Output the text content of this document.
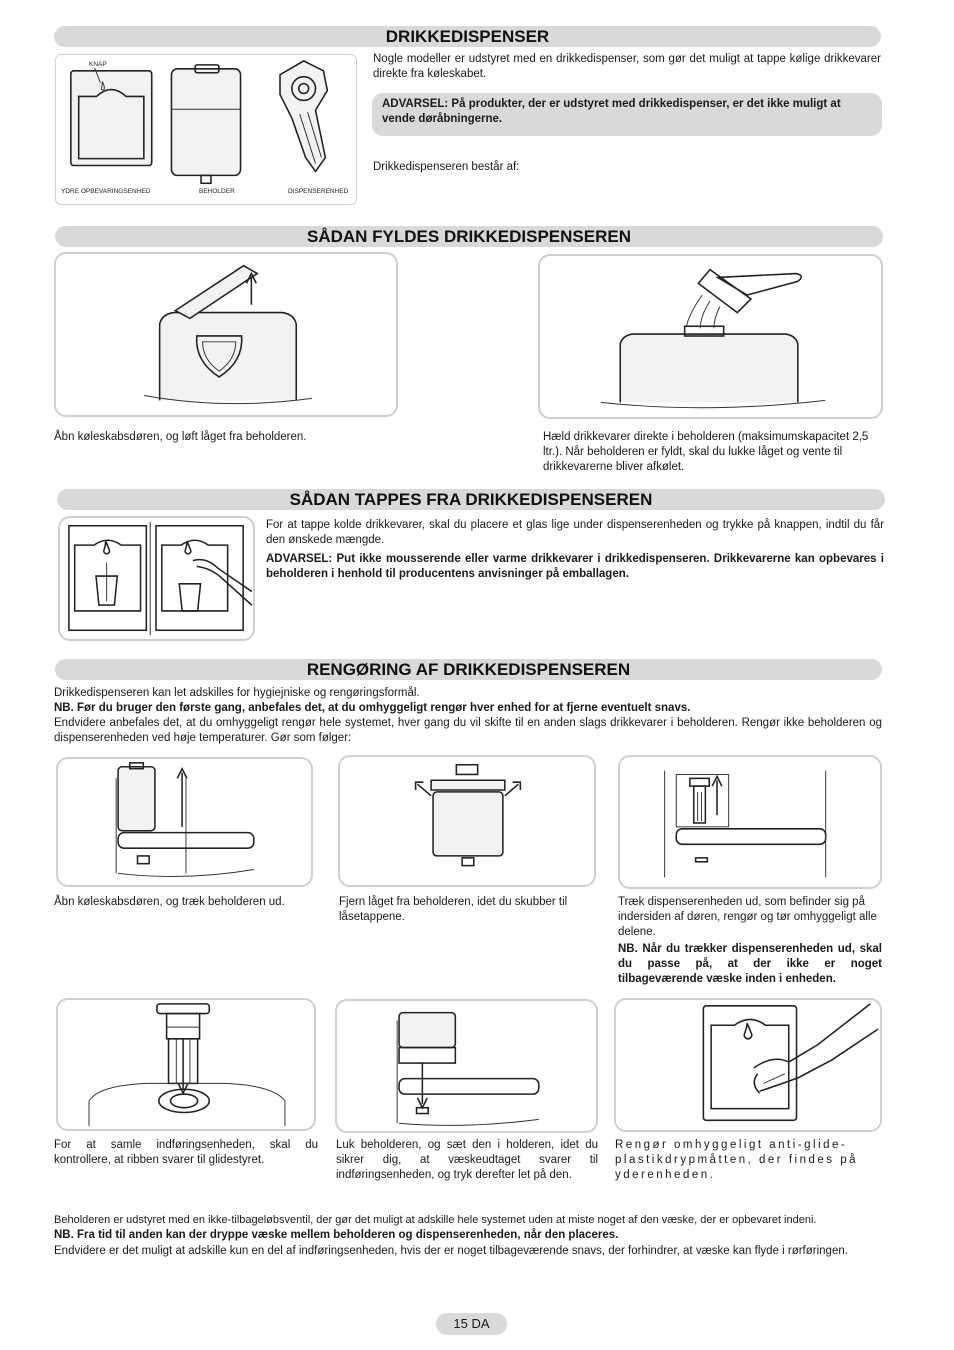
DRIKKEDISPENSER
KNAP
YDRE OPBEVARINGSENHED	BEHOLDER	DISPENSERENHED
Nogle modeller er udstyret med en drikkedispenser, som gør det muligt at tappe kølige drikkevarer direkte fra køleskabet.
ADVARSEL: På produkter, der er udstyret med drikkedispenser, er det ikke muligt at vende døråbningerne.
Drikkedispenseren består af:
SÅDAN FYLDES DRIKKEDISPENSEREN
Åbn køleskabsdøren, og løft låget fra beholderen.	Hæld drikkevarer direkte i beholderen (maksimumskapacitet 2,5 ltr.). Når beholderen er fyldt, skal du lukke låget og vente til drikkevarerne bliver afkølet.
SÅDAN TAPPES FRA DRIKKEDISPENSEREN
For at tappe kolde drikkevarer, skal du placere et glas lige under dispenserenheden og trykke på knappen, indtil du får den ønskede mængde.
ADVARSEL: Put ikke mousserende eller varme drikkevarer i drikkedispenseren. Drikkevarerne kan opbevares i beholderen i henhold til producentens anvisninger på emballagen.
RENGØRING AF DRIKKEDISPENSEREN
Drikkedispenseren kan let adskilles for hygiejniske og rengøringsformål.
NB. Før du bruger den første gang, anbefales det, at du omhyggeligt rengør hver enhed for at fjerne eventuelt snavs.
Endvidere anbefales det, at du omhyggeligt rengør hele systemet, hver gang du vil skifte til en anden slags drikkevarer i beholderen. Rengør ikke beholderen og dispenserenheden ved høje temperaturer. Gør som følger:
Åbn køleskabsdøren, og træk beholderen ud.	Fjern låget fra beholderen, idet du skubber til låsetappene.
Træk dispenserenheden ud, som befinder sig på indersiden af døren, rengør og tør omhyggeligt alle delene.
NB. Når du trækker dispenserenheden ud, skal du passe på, at der ikke er noget tilbageværende væske inden i enheden.
For at samle indføringsenheden, skal du kontrollere, at ribben svarer til glidestyret.
Luk beholderen, og sæt den i holderen, idet du sikrer dig, at væskeudtaget svarer til indføringsenheden, og tryk derefter let på den.
Rengør omhyggeligt anti-glide-plastikdrypmåtten, der findes på yderenheden.
Beholderen er udstyret med en ikke-tilbageløbsventil, der gør det muligt at adskille hele systemet uden at miste noget af den væske, der er opbevaret indeni.
NB. Fra tid til anden kan der dryppe væske mellem beholderen og dispenserenheden, når den placeres.
Endvidere er det muligt at adskille kun en del af indføringsenheden, hvis der er noget tilbageværende snavs, der forhindrer, at væske kan flyde i rørføringen.
15 DA
